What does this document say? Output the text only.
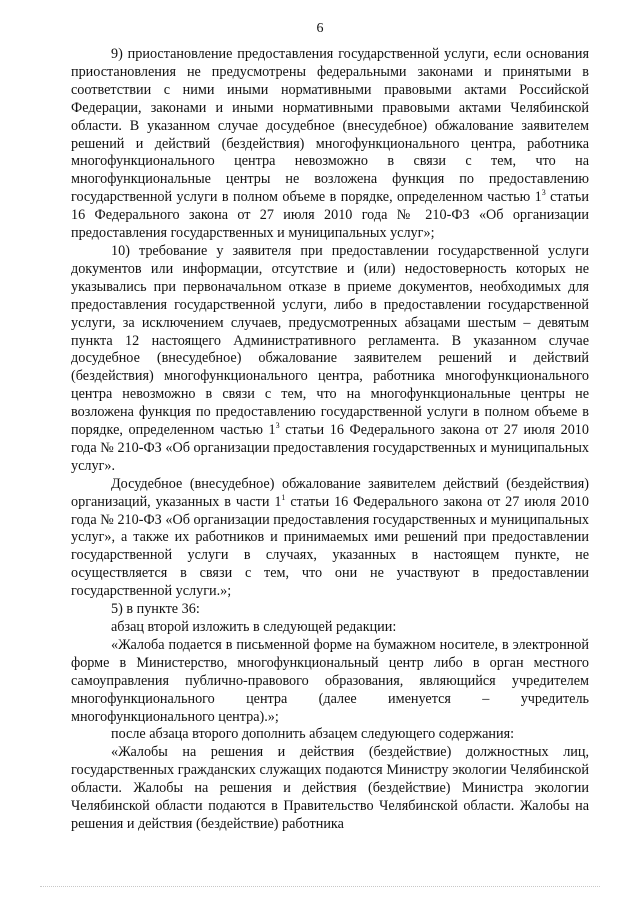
6

9) приостановление предоставления государственной услуги, если основания приостановления не предусмотрены федеральными законами и принятыми в соответствии с ними иными нормативными правовыми актами Российской Федерации, законами и иными нормативными правовыми актами Челябинской области. В указанном случае досудебное (внесудебное) обжалование заявителем решений и действий (бездействия) многофункционального центра, работника многофункционального центра невозможно в связи с тем, что на многофункциональные центры не возложена функция по предоставлению государственной услуги в полном объеме в порядке, определенном частью $1^3$ статьи 16 Федерального закона от 27 июля 2010 года № 210-ФЗ «Об организации предоставления государственных и муниципальных услуг»;

10) требование у заявителя при предоставлении государственной услуги документов или информации, отсутствие и (или) недостоверность которых не указывались при первоначальном отказе в приеме документов, необходимых для предоставления государственной услуги, либо в предоставлении государственной услуги, за исключением случаев, предусмотренных абзацами шестым – девятым пункта 12 настоящего Административного регламента. В указанном случае досудебное (внесудебное) обжалование заявителем решений и действий (бездействия) многофункционального центра, работника многофункционального центра невозможно в связи с тем, что на многофункциональные центры не возложена функция по предоставлению государственной услуги в полном объеме в порядке, определенном частью $1^3$ статьи 16 Федерального закона от 27 июля 2010 года № 210-ФЗ «Об организации предоставления государственных и муниципальных услуг».

Досудебное (внесудебное) обжалование заявителем действий (бездействия) организаций, указанных в части $1^1$ статьи 16 Федерального закона от 27 июля 2010 года № 210-ФЗ «Об организации предоставления государственных и муниципальных услуг», а также их работников и принимаемых ими решений при предоставлении государственной услуги в случаях, указанных в настоящем пункте, не осуществляется в связи с тем, что они не участвуют в предоставлении государственной услуги.»;

5) в пункте 36:

абзац второй изложить в следующей редакции:

«Жалоба подается в письменной форме на бумажном носителе, в электронной форме в Министерство, многофункциональный центр либо в орган местного самоуправления публично-правового образования, являющийся учредителем многофункционального центра (далее именуется – учредитель многофункционального центра).»;

после абзаца второго дополнить абзацем следующего содержания:

«Жалобы на решения и действия (бездействие) должностных лиц, государственных гражданских служащих подаются Министру экологии Челябинской области. Жалобы на решения и действия (бездействие) Министра экологии Челябинской области подаются в Правительство Челябинской области. Жалобы на решения и действия (бездействие) работника
